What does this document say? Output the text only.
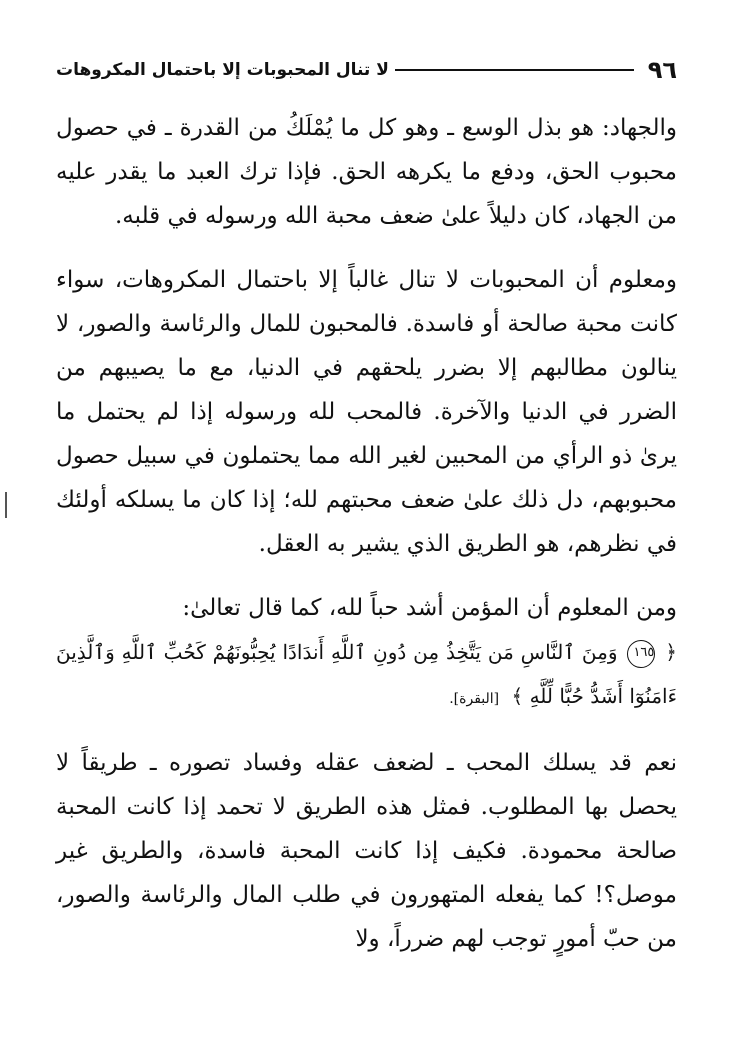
٩٦
لا تنال المحبوبات إلا باحتمال المكروهات

والجهاد: هو بذل الوسع ـ وهو كل ما يُمْلَكُ من القدرة ـ في حصول محبوب الحق، ودفع ما يكرهه الحق. فإذا ترك العبد ما يقدر عليه من الجهاد، كان دليلاً علىٰ ضعف محبة الله ورسوله في قلبه.

ومعلوم أن المحبوبات لا تنال غالباً إلا باحتمال المكروهات، سواء كانت محبة صالحة أو فاسدة. فالمحبون للمال والرئاسة والصور، لا ينالون مطالبهم إلا بضرر يلحقهم في الدنيا، مع ما يصيبهم من الضرر في الدنيا والآخرة. فالمحب لله ورسوله إذا لم يحتمل ما يرىٰ ذو الرأي من المحبين لغير الله مما يحتملون في سبيل حصول محبوبهم، دل ذلك علىٰ ضعف محبتهم لله؛ إذا كان ما يسلكه أولئك في نظرهم، هو الطريق الذي يشير به العقل.

ومن المعلوم أن المؤمن أشد حباً لله، كما قال تعالىٰ:
﴿ ١٦٥ وَمِنَ ٱلنَّاسِ مَن يَتَّخِذُ مِن دُونِ ٱللَّهِ أَندَادًا يُحِبُّونَهُمْ كَحُبِّ ٱللَّهِ وَٱلَّذِينَ ءَامَنُوٓا أَشَدُّ حُبًّا لِّلَّهِ ﴾ [البقرة].

نعم قد يسلك المحب ـ لضعف عقله وفساد تصوره ـ طريقاً لا يحصل بها المطلوب. فمثل هذه الطريق لا تحمد إذا كانت المحبة صالحة محمودة. فكيف إذا كانت المحبة فاسدة، والطريق غير موصل؟! كما يفعله المتهورون في طلب المال والرئاسة والصور، من حبّ أمورٍ توجب لهم ضرراً، ولا
